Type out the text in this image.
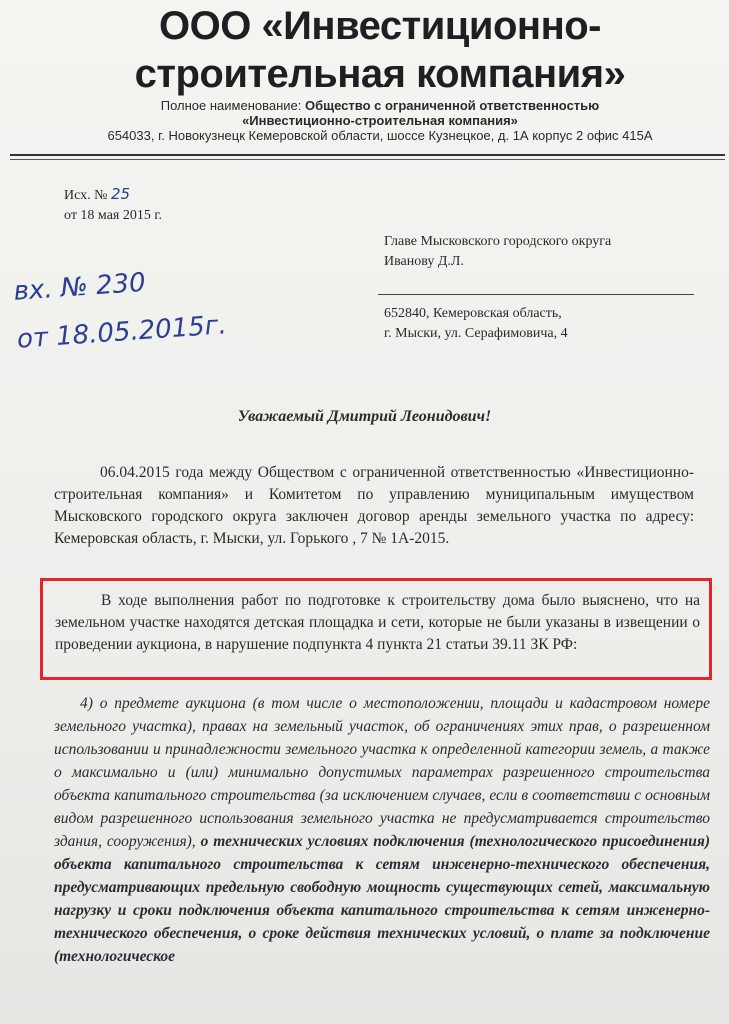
ООО «Инвестиционно-
строительная компания»
Полное наименование: Общество с ограниченной ответственностью
«Инвестиционно-строительная компания»
654033, г. Новокузнецк Кемеровской области, шоссе Кузнецкое, д. 1А корпус 2 офис 415А
Исх. № 25
от 18 мая 2015 г.
Главе Мысковского городского округа
Иванову Д.Л.
652840, Кемеровская область,
г. Мыски, ул. Серафимовича, 4
вх. № 230
от 18.05.2015г.
Уважаемый Дмитрий Леонидович!
06.04.2015 года между Обществом с ограниченной ответственностью «Инвестиционно-строительная компания» и Комитетом по управлению муниципальным имуществом Мысковского городского округа заключен договор аренды земельного участка по адресу: Кемеровская область, г. Мыски, ул. Горького , 7 № 1А-2015.
В ходе выполнения работ по подготовке к строительству дома было выяснено, что на земельном участке находятся детская площадка и сети, которые не были указаны в извещении о проведении аукциона, в нарушение подпункта 4 пункта 21 статьи 39.11 ЗК РФ:
4) о предмете аукциона (в том числе о местоположении, площади и кадастровом номере земельного участка), правах на земельный участок, об ограничениях этих прав, о разрешенном использовании и принадлежности земельного участка к определенной категории земель, а также о максимально и (или) минимально допустимых параметрах разрешенного строительства объекта капитального строительства (за исключением случаев, если в соответствии с основным видом разрешенного использования земельного участка не предусматривается строительство здания, сооружения), о технических условиях подключения (технологического присоединения) объекта капитального строительства к сетям инженерно-технического обеспечения, предусматривающих предельную свободную мощность существующих сетей, максимальную нагрузку и сроки подключения объекта капитального строительства к сетям инженерно-технического обеспечения, о сроке действия технических условий, о плате за подключение (технологическое
